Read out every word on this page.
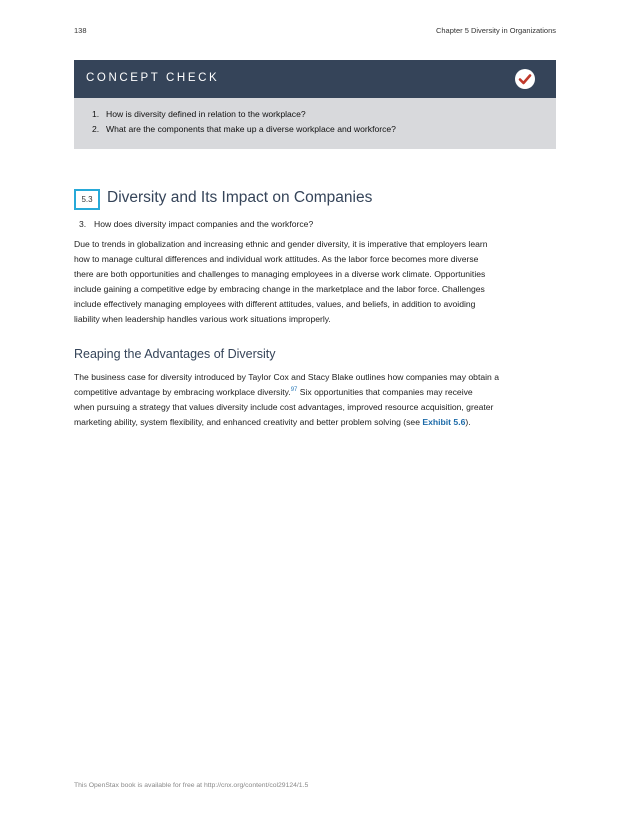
138	Chapter 5 Diversity in Organizations
CONCEPT CHECK
1. How is diversity defined in relation to the workplace?
2. What are the components that make up a diverse workplace and workforce?
5.3 Diversity and Its Impact on Companies
3. How does diversity impact companies and the workforce?
Due to trends in globalization and increasing ethnic and gender diversity, it is imperative that employers learn
how to manage cultural differences and individual work attitudes. As the labor force becomes more diverse
there are both opportunities and challenges to managing employees in a diverse work climate. Opportunities
include gaining a competitive edge by embracing change in the marketplace and the labor force. Challenges
include effectively managing employees with different attitudes, values, and beliefs, in addition to avoiding
liability when leadership handles various work situations improperly.
Reaping the Advantages of Diversity
The business case for diversity introduced by Taylor Cox and Stacy Blake outlines how companies may obtain a
competitive advantage by embracing workplace diversity.$^{97}$ Six opportunities that companies may receive
when pursuing a strategy that values diversity include cost advantages, improved resource acquisition, greater
marketing ability, system flexibility, and enhanced creativity and better problem solving (see Exhibit 5.6).
This OpenStax book is available for free at http://cnx.org/content/col29124/1.5
